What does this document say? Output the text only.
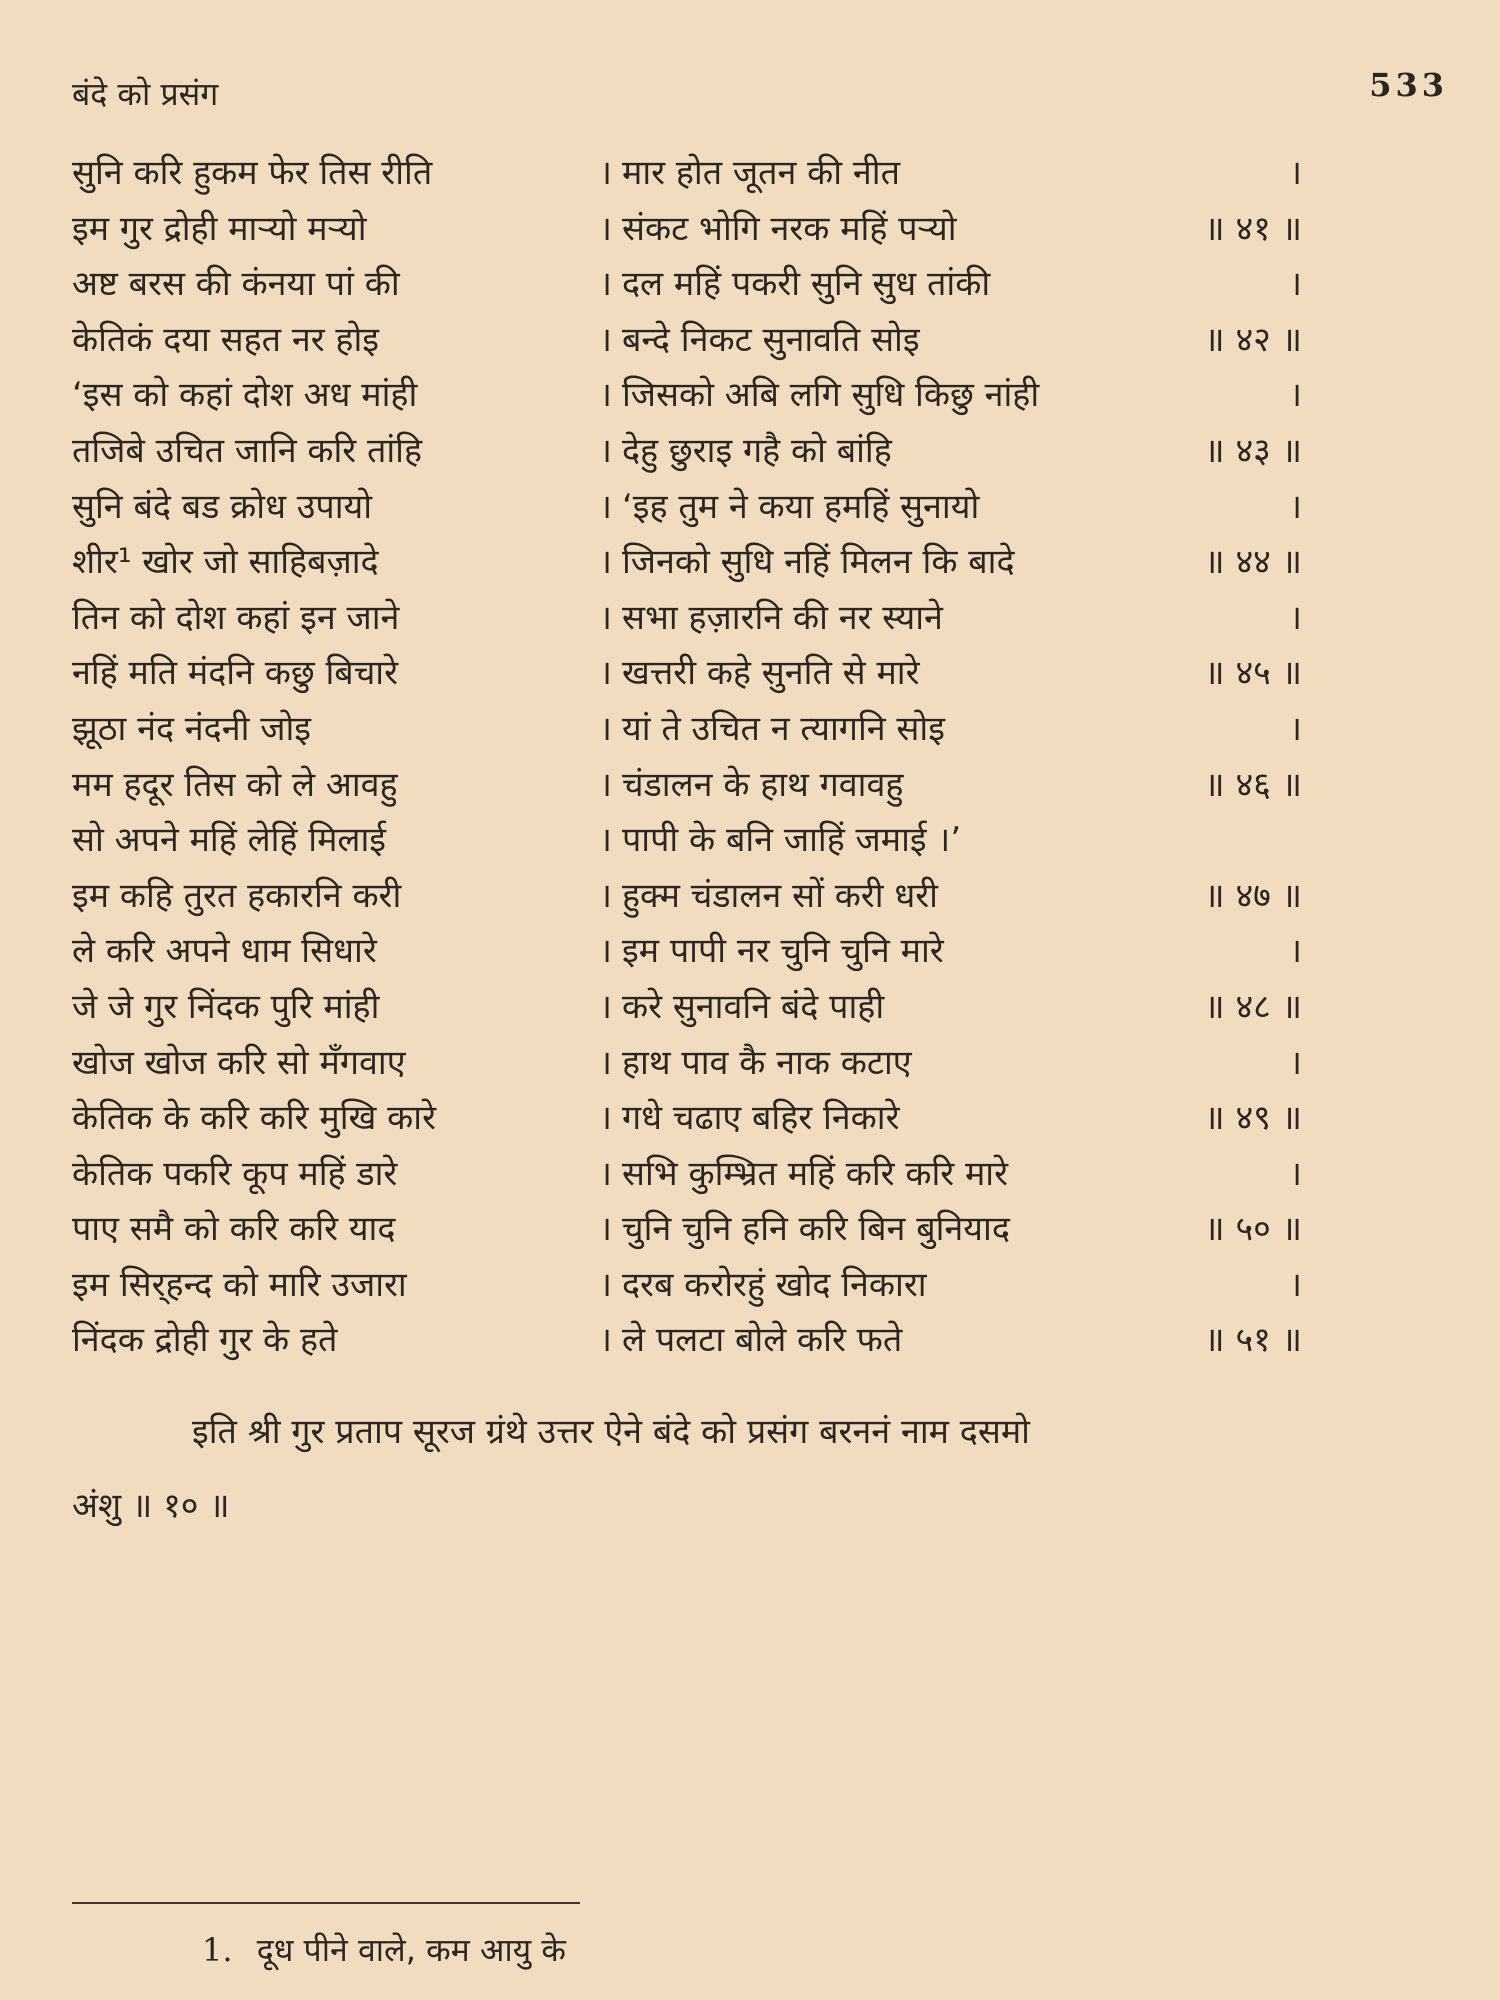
बंदे को प्रसंग	533
सुनि करि हुकम फेर तिस रीति	। मार होत जूतन की नीत	।
इम गुर द्रोही मार्‍यो मर्‍यो	। संकट भोगि नरक महिं पर्‍यो	॥ ४१ ॥
अष्ट बरस की कंनया पां की	। दल महिं पकरी सुनि सुध तांकी	।
केतिकं दया सहत नर होइ	। बन्दे निकट सुनावति सोइ	॥ ४२ ॥
‘इस को कहां दोश अध मांही	। जिसको अबि लगि सुधि किछु नांही	।
तजिबे उचित जानि करि तांहि	। देहु छुराइ गहै को बांहि	॥ ४३ ॥
सुनि बंदे बड क्रोध उपायो	। ‘इह तुम ने कया हमहिं सुनायो	।
शीर¹ खोर जो साहिबज़ादे	। जिनको सुधि नहिं मिलन कि बादे	॥ ४४ ॥
तिन को दोश कहां इन जाने	। सभा हज़ारनि की नर स्याने	।
नहिं मति मंदनि कछु बिचारे	। खत्तरी कहे सुनति से मारे	॥ ४५ ॥
झूठा नंद नंदनी जोइ	। यां ते उचित न त्यागनि सोइ	।
मम हदूर तिस को ले आवहु	। चंडालन के हाथ गवावहु	॥ ४६ ॥
सो अपने महिं लेहिं मिलाई	। पापी के बनि जाहिं जमाई ।’
इम कहि तुरत हकारनि करी	। हुक्म चंडालन सों करी धरी	॥ ४७ ॥
ले करि अपने धाम सिधारे	। इम पापी नर चुनि चुनि मारे	।
जे जे गुर निंदक पुरि मांही	। करे सुनावनि बंदे पाही	॥ ४८ ॥
खोज खोज करि सो मँगवाए	। हाथ पाव कै नाक कटाए	।
केतिक के करि करि मुखि कारे	। गधे चढाए बहिर निकारे	॥ ४९ ॥
केतिक पकरि कूप महिं डारे	। सभि कुम्भ्रित महिं करि करि मारे	।
पाए समै को करि करि याद	। चुनि चुनि हनि करि बिन बुनियाद	॥ ५० ॥
इम सिर्‌हन्द को मारि उजारा	। दरब करोरहुं खोद निकारा	।
निंदक द्रोही गुर के हते	। ले पलटा बोले करि फते	॥ ५१ ॥
इति श्री गुर प्रताप सूरज ग्रंथे उत्तर ऐने बंदे को प्रसंग बरननं नाम दसमो
अंशु ॥ १० ॥
1. दूध पीने वाले, कम आयु के
